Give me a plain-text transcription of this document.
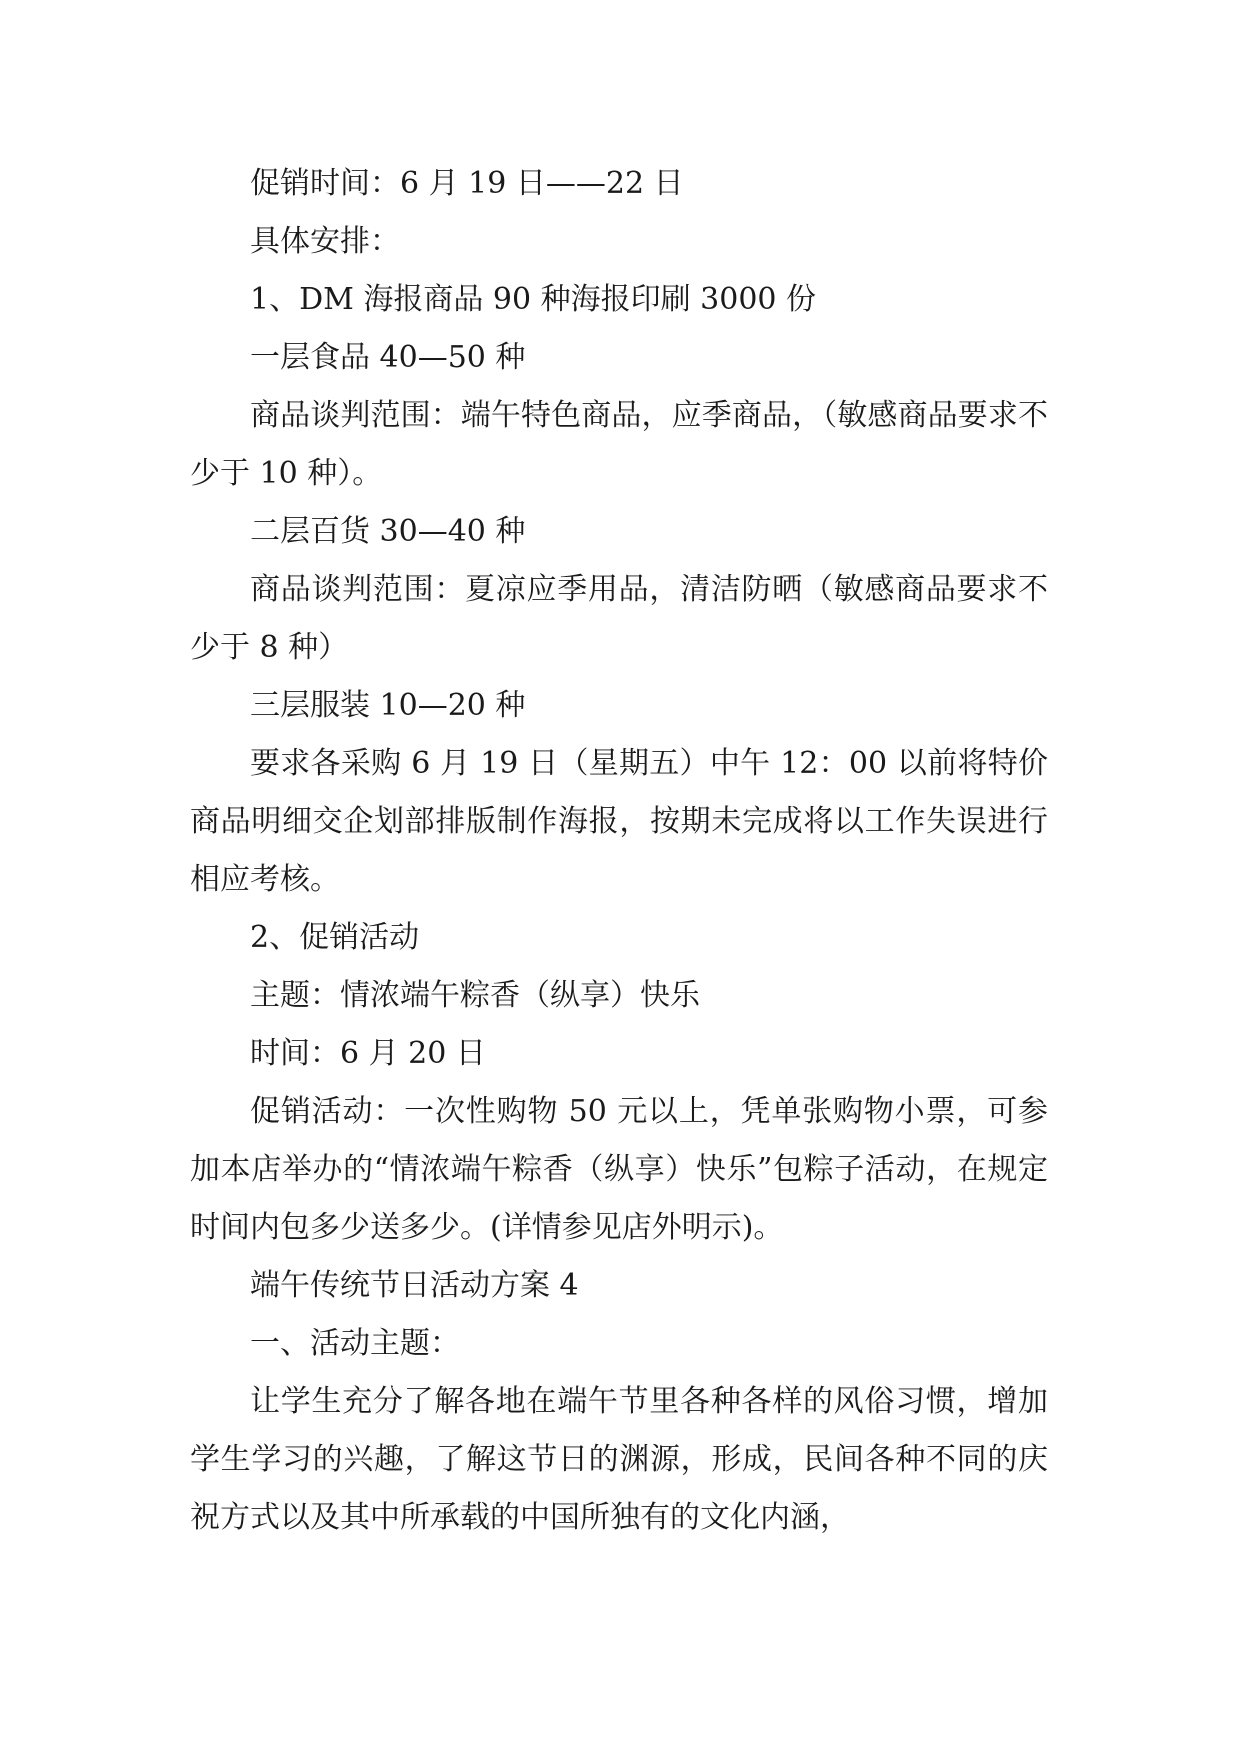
促销时间：6 月 19 日——22 日

具体安排：

1、DM 海报商品 90 种海报印刷 3000 份

一层食品 40—50 种

商品谈判范围：端午特色商品，应季商品，（敏感商品要求不少于 10 种）。

二层百货 30—40 种

商品谈判范围：夏凉应季用品，清洁防晒（敏感商品要求不少于 8 种）

三层服装 10—20 种

要求各采购 6 月 19 日（星期五）中午 12：00 以前将特价商品明细交企划部排版制作海报，按期未完成将以工作失误进行相应考核。

2、促销活动

主题：情浓端午粽香（纵享）快乐

时间：6 月 20 日

促销活动：一次性购物 50 元以上，凭单张购物小票，可参加本店举办的“情浓端午粽香（纵享）快乐”包粽子活动，在规定时间内包多少送多少。(详情参见店外明示)。

端午传统节日活动方案 4

一、活动主题：

让学生充分了解各地在端午节里各种各样的风俗习惯，增加学生学习的兴趣，了解这节日的渊源，形成，民间各种不同的庆祝方式以及其中所承载的中国所独有的文化内涵，
